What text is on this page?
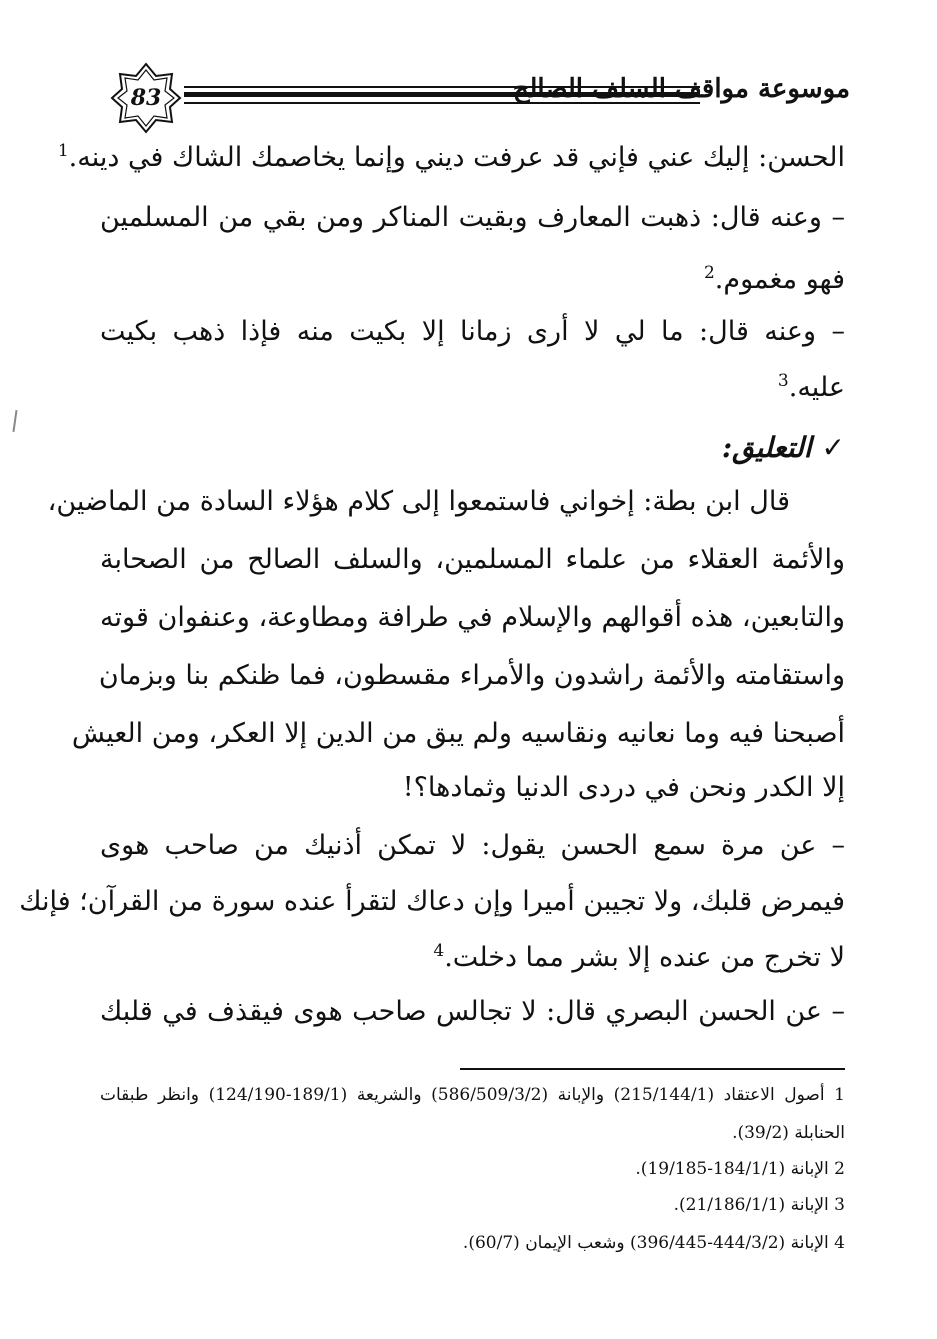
83	موسوعة مواقف السلف الصالح
الحسن: إليك عني فإني قد عرفت ديني وإنما يخاصمك الشاك في دينه.$^1$
– وعنه قال: ذهبت المعارف وبقيت المناكر ومن بقي من المسلمين
فهو مغموم.$^2$
– وعنه قال: ما لي لا أرى زمانا إلا بكيت منه فإذا ذهب بكيت
عليه.$^3$
✓التعليق:
قال ابن بطة: إخواني فاستمعوا إلى كلام هؤلاء السادة من الماضين،
والأئمة العقلاء من علماء المسلمين، والسلف الصالح من الصحابة
والتابعين، هذه أقوالهم والإسلام في طرافة ومطاوعة، وعنفوان قوته
واستقامته والأئمة راشدون والأمراء مقسطون، فما ظنكم بنا وبزمان
أصبحنا فيه وما نعانيه ونقاسيه ولم يبق من الدين إلا العكر، ومن العيش
إلا الكدر ونحن في دردى الدنيا وثمادها؟!
– عن مرة سمع الحسن يقول: لا تمكن أذنيك من صاحب هوى
فيمرض قلبك، ولا تجيبن أميرا وإن دعاك لتقرأ عنده سورة من القرآن؛ فإنك
لا تخرج من عنده إلا بشر مما دخلت.$^4$
– عن الحسن البصري قال: لا تجالس صاحب هوى فيقذف في قلبك
1 أصول الاعتقاد (215/144/1) والإبانة (586/509/3/2) والشريعة (189/1-124/190) وانظر طبقات
الحنابلة (39/2).
2 الإبانة (184/1/1-19/185).
3 الإبانة (21/186/1/1).
4 الإبانة (444/3/2-396/445) وشعب الإيمان (60/7).
